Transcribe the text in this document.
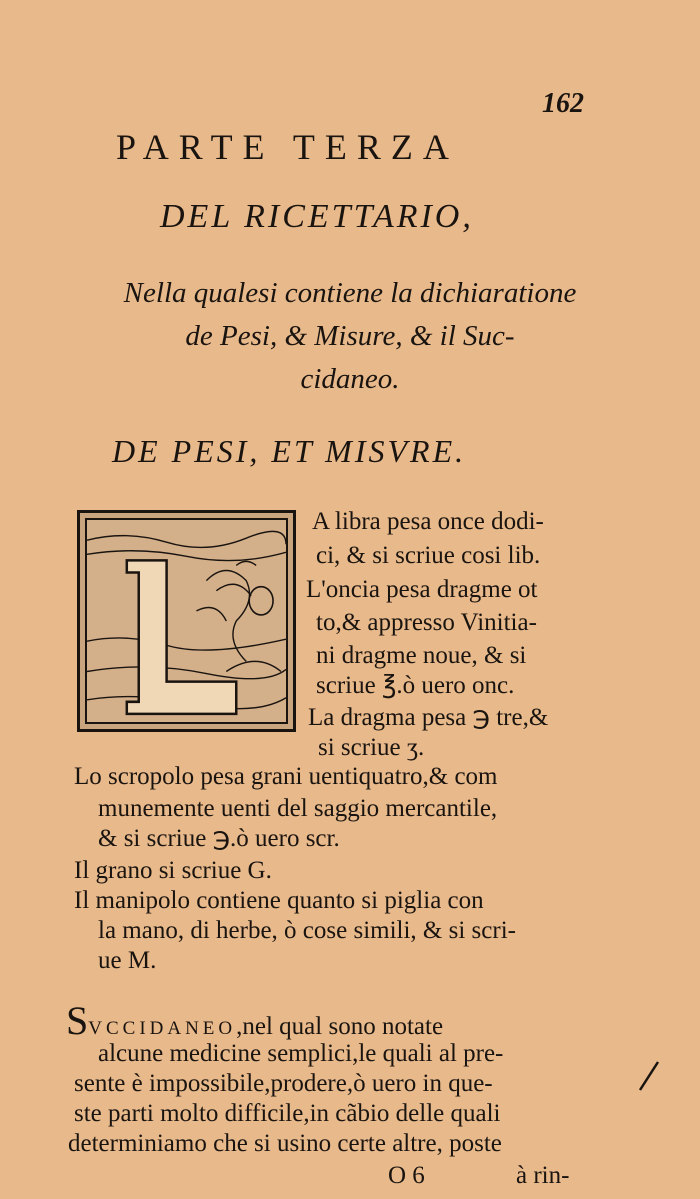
162
PARTE TERZA
DEL RICETTARIO,
Nella qualesi contiene la dichiaratione
de Pesi, & Misure, & il Suc-
cidaneo.
DE PESI, ET MISVRE.
A libra pesa once dodi-
ci, & si scriue cosi lib.
L'oncia pesa dragme ot
to,& appresso Vinitia-
ni dragme noue, & si
scriue ℥.ò uero onc.
La dragma pesa ℈ tre,&
si scriue ʒ.
Lo scropolo pesa grani uentiquatro,& com
munemente uenti del saggio mercantile,
& si scriue ℈.ò uero scr.
Il grano si scriue G.
Il manipolo contiene quanto si piglia con
la mano, di herbe, ò cose simili, & si scri-
ue M.
SVCCIDANEO,nel qual sono notate
alcune medicine semplici,le quali al pre-
sente è impossibile,prodere,ò uero in que-
ste parti molto difficile,in cãbio delle quali
determiniamo che si usino certe altre, poste
O 6	à rin-
